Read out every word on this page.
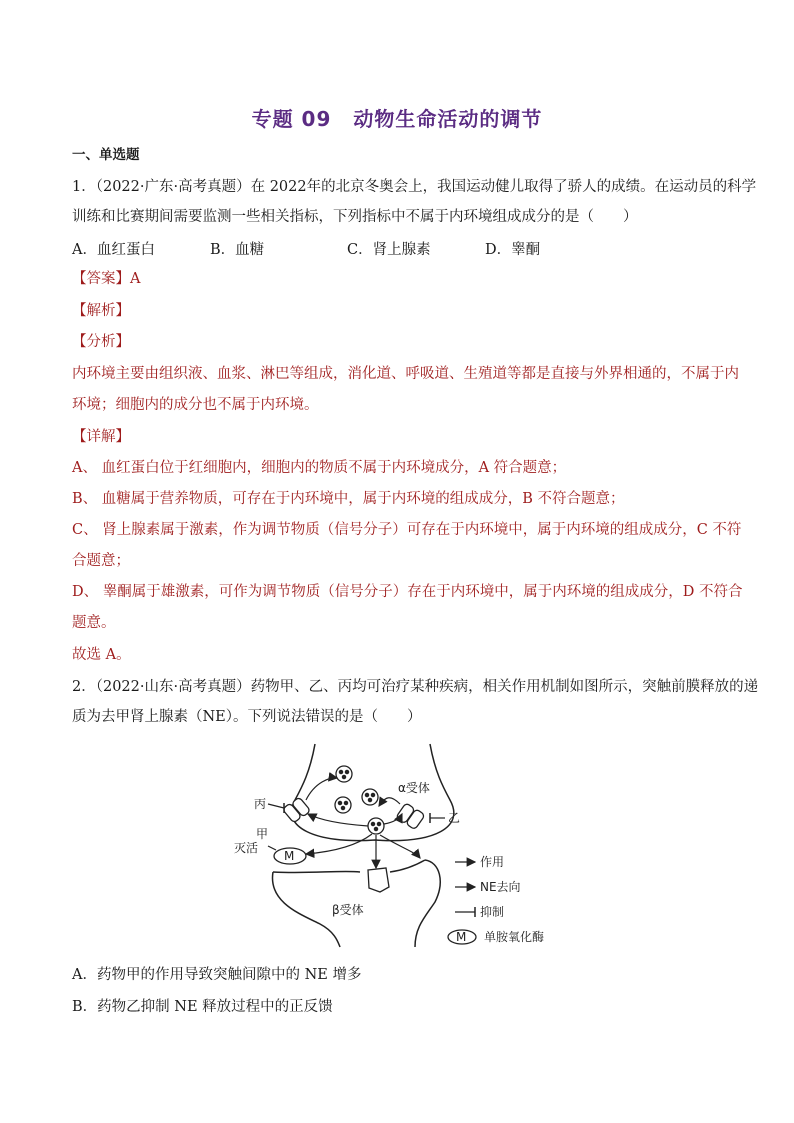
专题 09 动物生命活动的调节
一、单选题
1．（2022·广东·高考真题）在 2022年的北京冬奥会上，我国运动健儿取得了骄人的成绩。在运动员的科学
训练和比赛期间需要监测一些相关指标，下列指标中不属于内环境组成成分的是（　　）
A．血红蛋白	B．血糖	C．肾上腺素	D．睾酮
【答案】A
【解析】
【分析】
内环境主要由组织液、血浆、淋巴等组成，消化道、呼吸道、生殖道等都是直接与外界相通的，不属于内
环境；细胞内的成分也不属于内环境。
【详解】
A、 血红蛋白位于红细胞内，细胞内的物质不属于内环境成分，A 符合题意；
B、 血糖属于营养物质，可存在于内环境中，属于内环境的组成成分，B 不符合题意；
C、 肾上腺素属于激素，作为调节物质（信号分子）可存在于内环境中，属于内环境的组成成分，C 不符
合题意；
D、 睾酮属于雄激素，可作为调节物质（信号分子）存在于内环境中，属于内环境的组成成分，D 不符合
题意。
故选 A。
2．（2022·山东·高考真题）药物甲、乙、丙均可治疗某种疾病，相关作用机制如图所示，突触前膜释放的递
质为去甲肾上腺素（NE）。下列说法错误的是（　　）
M
丙
甲
灭活
α受体
乙
β受体
作用
NE去向
抑制
M 单胺氧化酶
A．药物甲的作用导致突触间隙中的 NE 增多
B．药物乙抑制 NE 释放过程中的正反馈
